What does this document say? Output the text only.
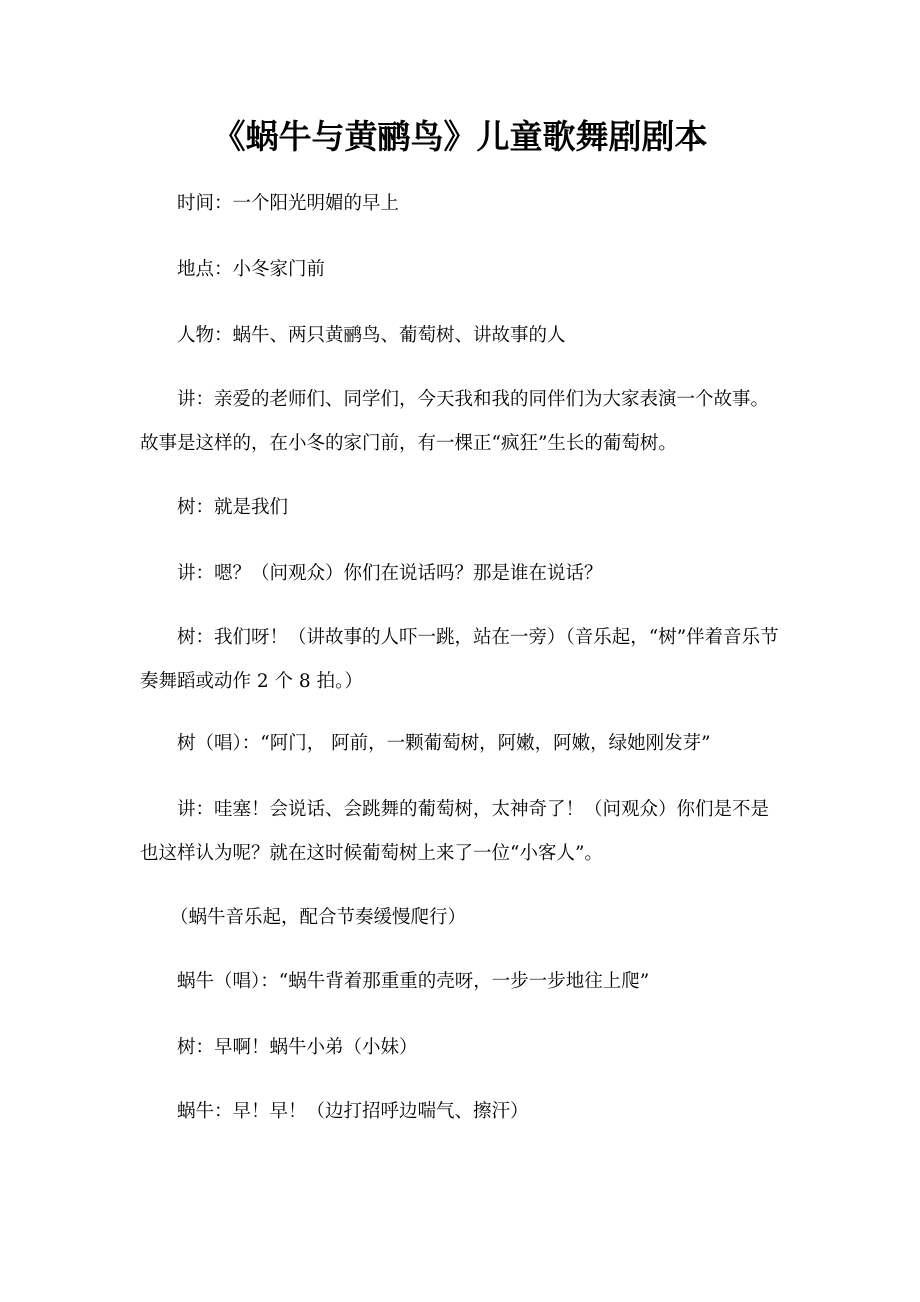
《蜗牛与黄鹂鸟》儿童歌舞剧剧本

时间：一个阳光明媚的早上

地点：小冬家门前

人物：蜗牛、两只黄鹂鸟、葡萄树、讲故事的人

讲：亲爱的老师们、同学们，今天我和我的同伴们为大家表演一个故事。故事是这样的，在小冬的家门前，有一棵正“疯狂”生长的葡萄树。

树：就是我们

讲：嗯？（问观众）你们在说话吗？那是谁在说话？

树：我们呀！（讲故事的人吓一跳，站在一旁）（音乐起，“树”伴着音乐节奏舞蹈或动作 2 个 8 拍。）

树（唱）：“阿门， 阿前，一颗葡萄树，阿嫩，阿嫩，绿她刚发芽”

讲：哇塞！会说话、会跳舞的葡萄树，太神奇了！（问观众）你们是不是也这样认为呢？就在这时候葡萄树上来了一位“小客人”。

（蜗牛音乐起，配合节奏缓慢爬行）

蜗牛（唱）：“蜗牛背着那重重的壳呀，一步一步地往上爬”

树：早啊！蜗牛小弟（小妹）

蜗牛：早！早！（边打招呼边喘气、擦汗）
